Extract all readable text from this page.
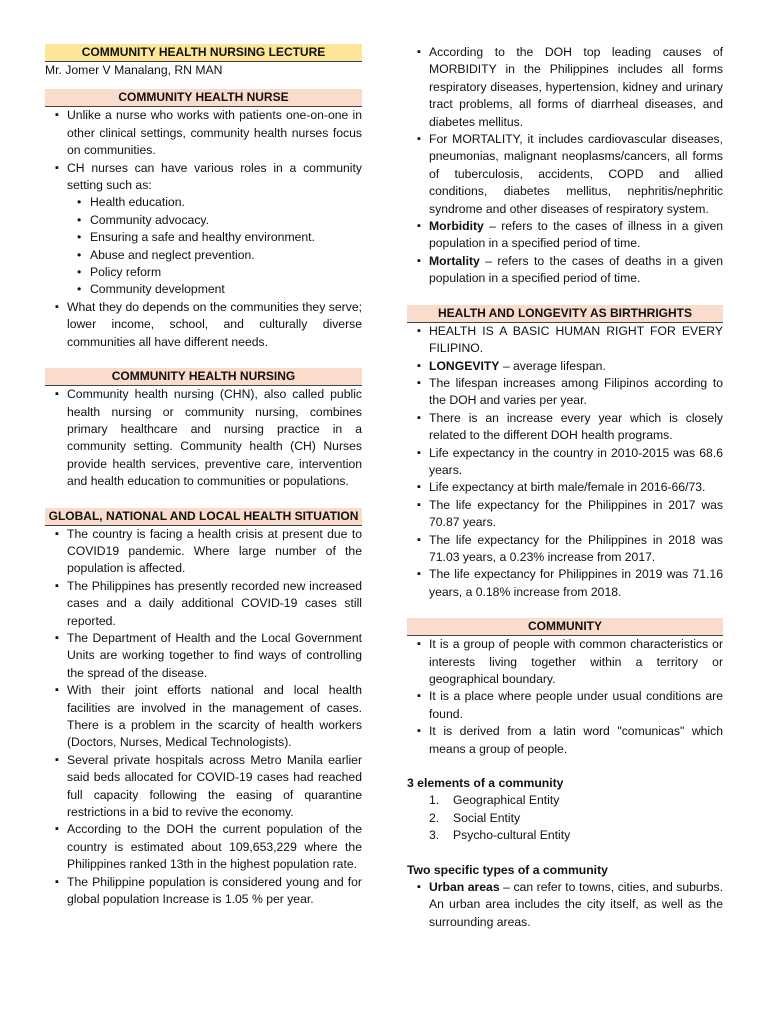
COMMUNITY HEALTH NURSING LECTURE
Mr. Jomer V Manalang, RN MAN
COMMUNITY HEALTH NURSE
▪ Unlike a nurse who works with patients one-on-one in other clinical settings, community health nurses focus on communities.
▪ CH nurses can have various roles in a community setting such as:
• Health education.
• Community advocacy.
• Ensuring a safe and healthy environment.
• Abuse and neglect prevention.
• Policy reform
• Community development
▪ What they do depends on the communities they serve; lower income, school, and culturally diverse communities all have different needs.
COMMUNITY HEALTH NURSING
▪ Community health nursing (CHN), also called public health nursing or community nursing, combines primary healthcare and nursing practice in a community setting. Community health (CH) Nurses provide health services, preventive care, intervention and health education to communities or populations.
GLOBAL, NATIONAL AND LOCAL HEALTH SITUATION
▪ The country is facing a health crisis at present due to COVID19 pandemic. Where large number of the population is affected.
▪ The Philippines has presently recorded new increased cases and a daily additional COVID-19 cases still reported.
▪ The Department of Health and the Local Government Units are working together to find ways of controlling the spread of the disease.
▪ With their joint efforts national and local health facilities are involved in the management of cases. There is a problem in the scarcity of health workers (Doctors, Nurses, Medical Technologists).
▪ Several private hospitals across Metro Manila earlier said beds allocated for COVID-19 cases had reached full capacity following the easing of quarantine restrictions in a bid to revive the economy.
▪ According to the DOH the current population of the country is estimated about 109,653,229 where the Philippines ranked 13th in the highest population rate.
▪ The Philippine population is considered young and for global population Increase is 1.05 % per year.
▪ According to the DOH top leading causes of MORBIDITY in the Philippines includes all forms respiratory diseases, hypertension, kidney and urinary tract problems, all forms of diarrheal diseases, and diabetes mellitus.
▪ For MORTALITY, it includes cardiovascular diseases, pneumonias, malignant neoplasms/cancers, all forms of tuberculosis, accidents, COPD and allied conditions, diabetes mellitus, nephritis/nephritic syndrome and other diseases of respiratory system.
▪ Morbidity – refers to the cases of illness in a given population in a specified period of time.
▪ Mortality – refers to the cases of deaths in a given population in a specified period of time.
HEALTH AND LONGEVITY AS BIRTHRIGHTS
▪ HEALTH IS A BASIC HUMAN RIGHT FOR EVERY FILIPINO.
▪ LONGEVITY – average lifespan.
▪ The lifespan increases among Filipinos according to the DOH and varies per year.
▪ There is an increase every year which is closely related to the different DOH health programs.
▪ Life expectancy in the country in 2010-2015 was 68.6 years.
▪ Life expectancy at birth male/female in 2016-66/73.
▪ The life expectancy for the Philippines in 2017 was 70.87 years.
▪ The life expectancy for the Philippines in 2018 was 71.03 years, a 0.23% increase from 2017.
▪ The life expectancy for Philippines in 2019 was 71.16 years, a 0.18% increase from 2018.
COMMUNITY
▪ It is a group of people with common characteristics or interests living together within a territory or geographical boundary.
▪ It is a place where people under usual conditions are found.
▪ It is derived from a latin word "comunicas" which means a group of people.

3 elements of a community

1. Geographical Entity
2. Social Entity
3. Psycho-cultural Entity

Two specific types of a community

▪ Urban areas – can refer to towns, cities, and suburbs. An urban area includes the city itself, as well as the surrounding areas.
